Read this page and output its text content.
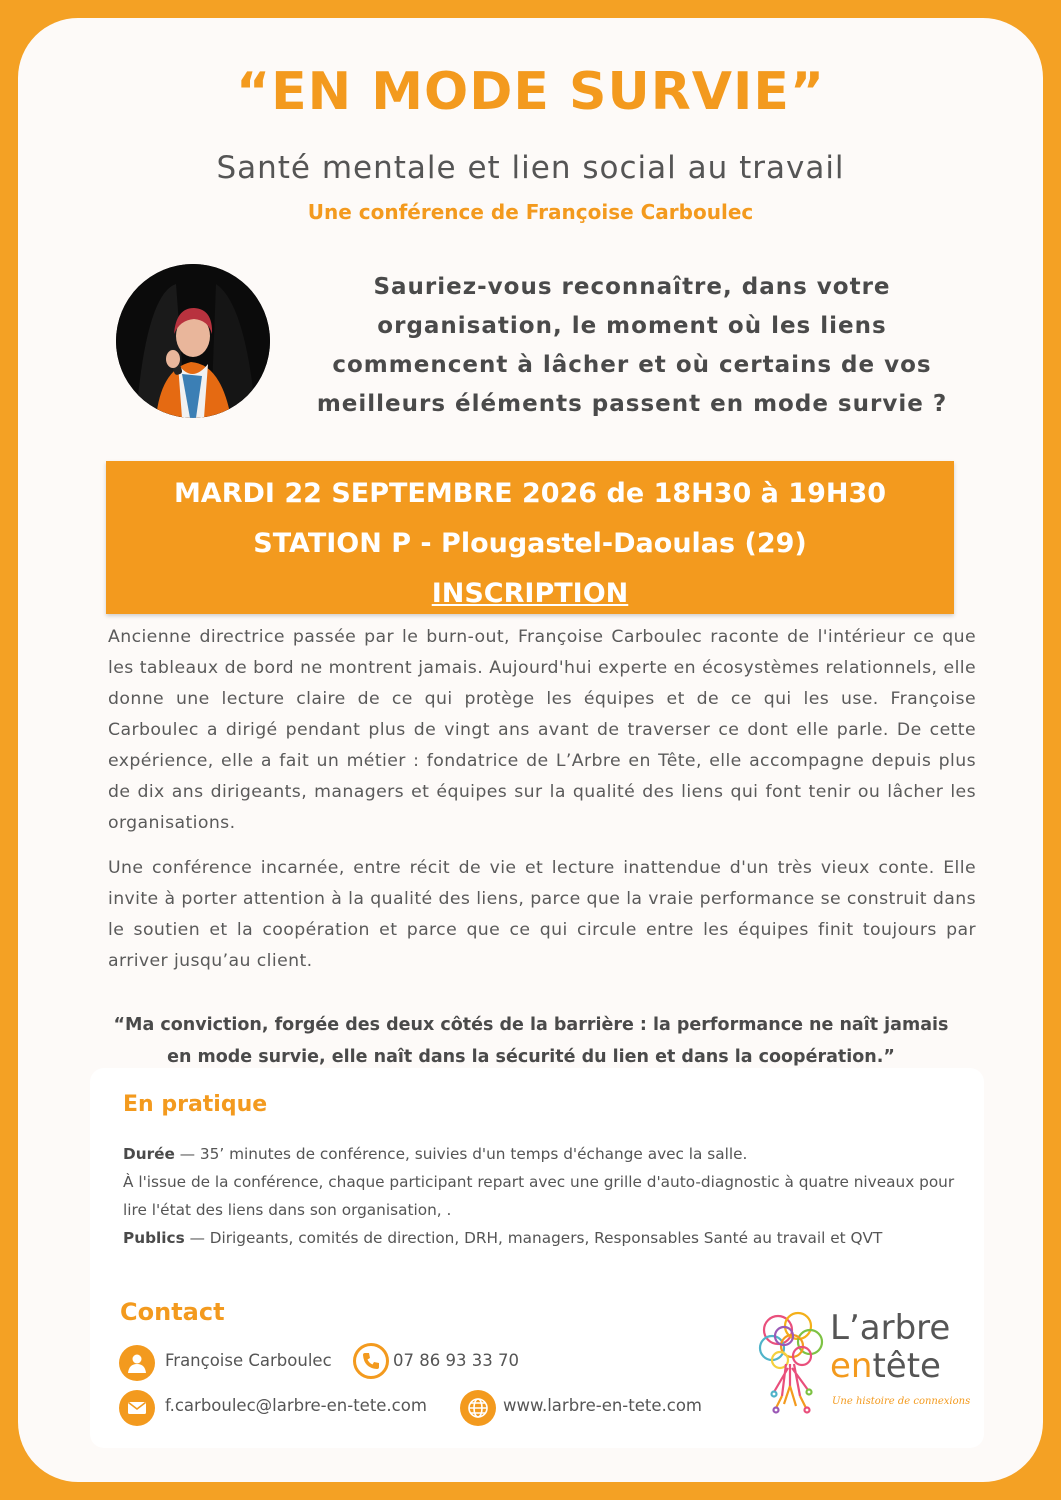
“EN MODE SURVIE”
Santé mentale et lien social au travail
Une conférence de Françoise Carboulec

Sauriez-vous reconnaître, dans votre organisation, le moment où les liens commencent à lâcher et où certains de vos meilleurs éléments passent en mode survie ?

MARDI 22 SEPTEMBRE 2026 de 18H30 à 19H30
STATION P - Plougastel-Daoulas (29)
INSCRIPTION

Ancienne directrice passée par le burn-out, Françoise Carboulec raconte de l'intérieur ce que les tableaux de bord ne montrent jamais. Aujourd'hui experte en écosystèmes relationnels, elle donne une lecture claire de ce qui protège les équipes et de ce qui les use. Françoise Carboulec a dirigé pendant plus de vingt ans avant de traverser ce dont elle parle. De cette expérience, elle a fait un métier : fondatrice de L’Arbre en Tête, elle accompagne depuis plus de dix ans dirigeants, managers et équipes sur la qualité des liens qui font tenir ou lâcher les organisations.

Une conférence incarnée, entre récit de vie et lecture inattendue d'un très vieux conte. Elle invite à porter attention à la qualité des liens, parce que la vraie performance se construit dans le soutien et la coopération et parce que ce qui circule entre les équipes finit toujours par arriver jusqu’au client.

“Ma conviction, forgée des deux côtés de la barrière : la performance ne naît jamais en mode survie, elle naît dans la sécurité du lien et dans la coopération.”

En pratique
Durée — 35’ minutes de conférence, suivies d'un temps d'échange avec la salle.
À l'issue de la conférence, chaque participant repart avec une grille d'auto-diagnostic à quatre niveaux pour lire l'état des liens dans son organisation, .
Publics — Dirigeants, comités de direction, DRH, managers, Responsables Santé au travail et QVT
Contact
Françoise Carboulec	07 86 93 33 70
f.carboulec@larbre-en-tete.com	www.larbre-en-tete.com
L’arbre
entête
Une histoire de connexions
